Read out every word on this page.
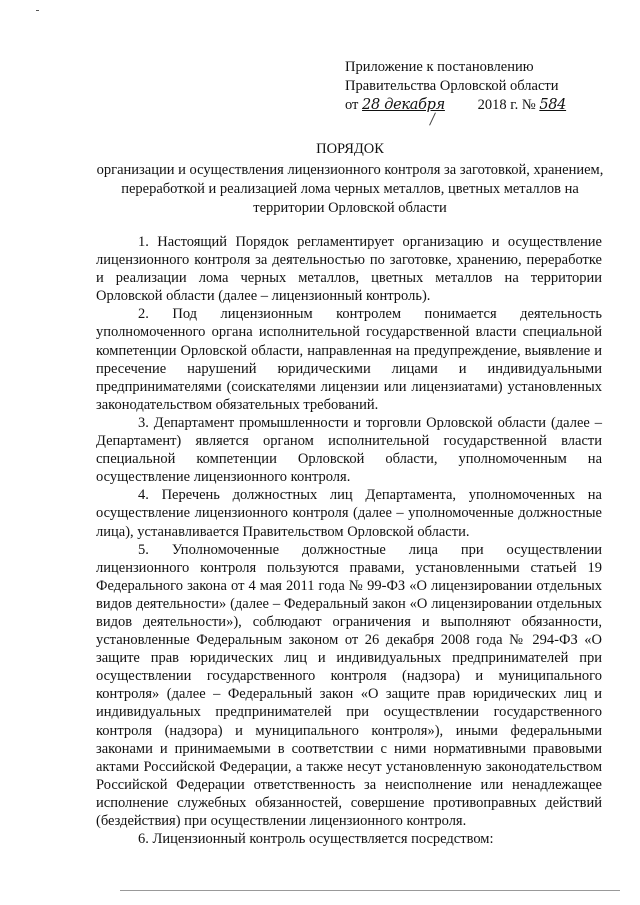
Приложение к постановлению
Правительства Орловской области
от 28 декабря 2018 г. № 584
ПОРЯДОК
организации и осуществления лицензионного контроля за заготовкой, хранением, переработкой и реализацией лома черных металлов, цветных металлов на территории Орловской области

1. Настоящий Порядок регламентирует организацию и осуществление лицензионного контроля за деятельностью по заготовке, хранению, переработке и реализации лома черных металлов, цветных металлов на территории Орловской области (далее – лицензионный контроль).

2. Под лицензионным контролем понимается деятельность уполномоченного органа исполнительной государственной власти специальной компетенции Орловской области, направленная на предупреждение, выявление и пресечение нарушений юридическими лицами и индивидуальными предпринимателями (соискателями лицензии или лицензиатами) установленных законодательством обязательных требований.

3. Департамент промышленности и торговли Орловской области (далее – Департамент) является органом исполнительной государственной власти специальной компетенции Орловской области, уполномоченным на осуществление лицензионного контроля.

4. Перечень должностных лиц Департамента, уполномоченных на осуществление лицензионного контроля (далее – уполномоченные должностные лица), устанавливается Правительством Орловской области.

5. Уполномоченные должностные лица при осуществлении лицензионного контроля пользуются правами, установленными статьей 19 Федерального закона от 4 мая 2011 года № 99-ФЗ «О лицензировании отдельных видов деятельности» (далее – Федеральный закон «О лицензировании отдельных видов деятельности»), соблюдают ограничения и выполняют обязанности, установленные Федеральным законом от 26 декабря 2008 года № 294-ФЗ «О защите прав юридических лиц и индивидуальных предпринимателей при осуществлении государственного контроля (надзора) и муниципального контроля» (далее – Федеральный закон «О защите прав юридических лиц и индивидуальных предпринимателей при осуществлении государственного контроля (надзора) и муниципального контроля»), иными федеральными законами и принимаемыми в соответствии с ними нормативными правовыми актами Российской Федерации, а также несут установленную законодательством Российской Федерации ответственность за неисполнение или ненадлежащее исполнение служебных обязанностей, совершение противоправных действий (бездействия) при осуществлении лицензионного контроля.

6. Лицензионный контроль осуществляется посредством:
